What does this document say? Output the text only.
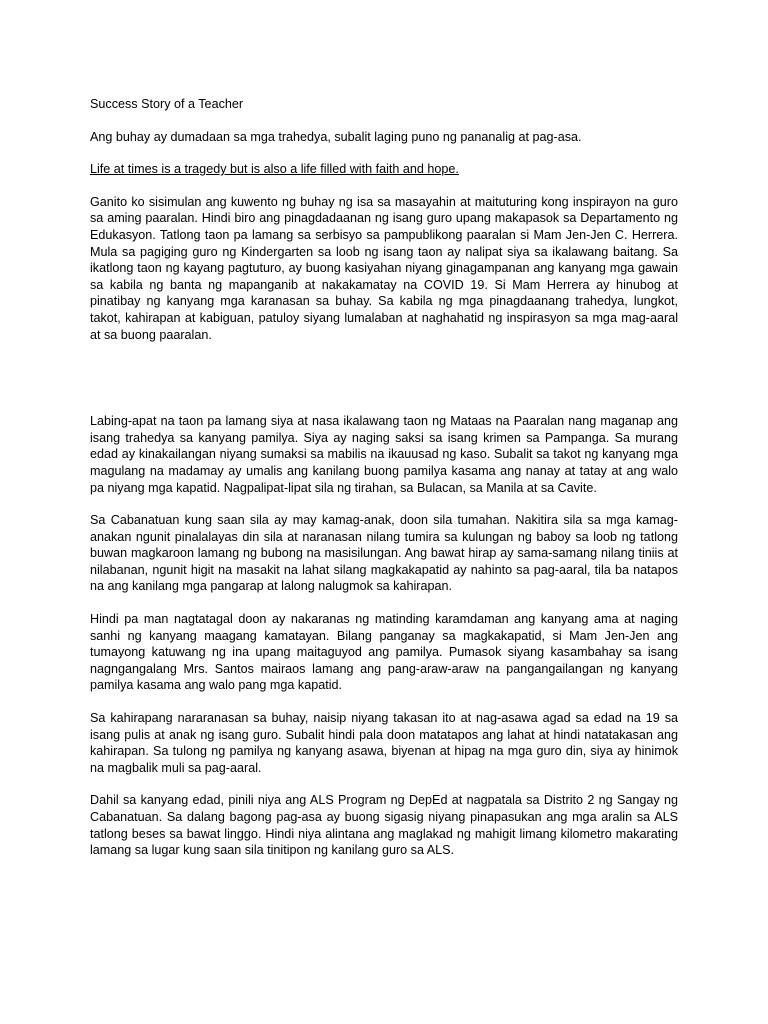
Success Story of a Teacher

Ang buhay ay dumadaan sa mga trahedya, subalit laging puno ng pananalig at pag-asa.

Life at times is a tragedy but is also a life filled with faith and hope.

Ganito ko sisimulan ang kuwento ng buhay ng isa sa masayahin at maituturing kong inspirayon na guro sa aming paaralan. Hindi biro ang pinagdadaanan ng isang guro upang makapasok sa Departamento ng Edukasyon. Tatlong taon pa lamang sa serbisyo sa pampublikong paaralan si Mam Jen-Jen C. Herrera. Mula sa pagiging guro ng Kindergarten sa loob ng isang taon ay nalipat siya sa ikalawang baitang. Sa ikatlong taon ng kayang pagtuturo, ay buong kasiyahan niyang ginagampanan ang kanyang mga gawain sa kabila ng banta ng mapanganib at nakakamatay na COVID 19. Si Mam Herrera ay hinubog at pinatibay ng kanyang mga karanasan sa buhay. Sa kabila ng mga pinagdaanang trahedya, lungkot, takot, kahirapan at kabiguan, patuloy siyang lumalaban at naghahatid ng inspirasyon sa mga mag-aaral at sa buong paaralan.

Labing-apat na taon pa lamang siya at nasa ikalawang taon ng Mataas na Paaralan nang maganap ang isang trahedya sa kanyang pamilya. Siya ay naging saksi sa isang krimen sa Pampanga. Sa murang edad ay kinakailangan niyang sumaksi sa mabilis na ikauusad ng kaso. Subalit sa takot ng kanyang mga magulang na madamay ay umalis ang kanilang buong pamilya kasama ang nanay at tatay at ang walo pa niyang mga kapatid. Nagpalipat-lipat sila ng tirahan, sa Bulacan, sa Manila at sa Cavite.

Sa Cabanatuan kung saan sila ay may kamag-anak, doon sila tumahan. Nakitira sila sa mga kamag-anakan ngunit pinalalayas din sila at naranasan nilang tumira sa kulungan ng baboy sa loob ng tatlong buwan magkaroon lamang ng bubong na masisilungan. Ang bawat hirap ay sama-samang nilang tiniis at nilabanan, ngunit higit na masakit na lahat silang magkakapatid ay nahinto sa pag-aaral, tila ba natapos na ang kanilang mga pangarap at lalong nalugmok sa kahirapan.

Hindi pa man nagtatagal doon ay nakaranas ng matinding karamdaman ang kanyang ama at naging sanhi ng kanyang maagang kamatayan. Bilang panganay sa magkakapatid, si Mam Jen-Jen ang tumayong katuwang ng ina upang maitaguyod ang pamilya. Pumasok siyang kasambahay sa isang nagngangalang Mrs. Santos mairaos lamang ang pang-araw-araw na pangangailangan ng kanyang pamilya kasama ang walo pang mga kapatid.

Sa kahirapang nararanasan sa buhay, naisip niyang takasan ito at nag-asawa agad sa edad na 19 sa isang pulis at anak ng isang guro. Subalit hindi pala doon matatapos ang lahat at hindi natatakasan ang kahirapan. Sa tulong ng pamilya ng kanyang asawa, biyenan at hipag na mga guro din, siya ay hinimok na magbalik muli sa pag-aaral.

Dahil sa kanyang edad, pinili niya ang ALS Program ng DepEd at nagpatala sa Distrito 2 ng Sangay ng Cabanatuan. Sa dalang bagong pag-asa ay buong sigasig niyang pinapasukan ang mga aralin sa ALS tatlong beses sa bawat linggo. Hindi niya alintana ang maglakad ng mahigit limang kilometro makarating lamang sa lugar kung saan sila tinitipon ng kanilang guro sa ALS.
